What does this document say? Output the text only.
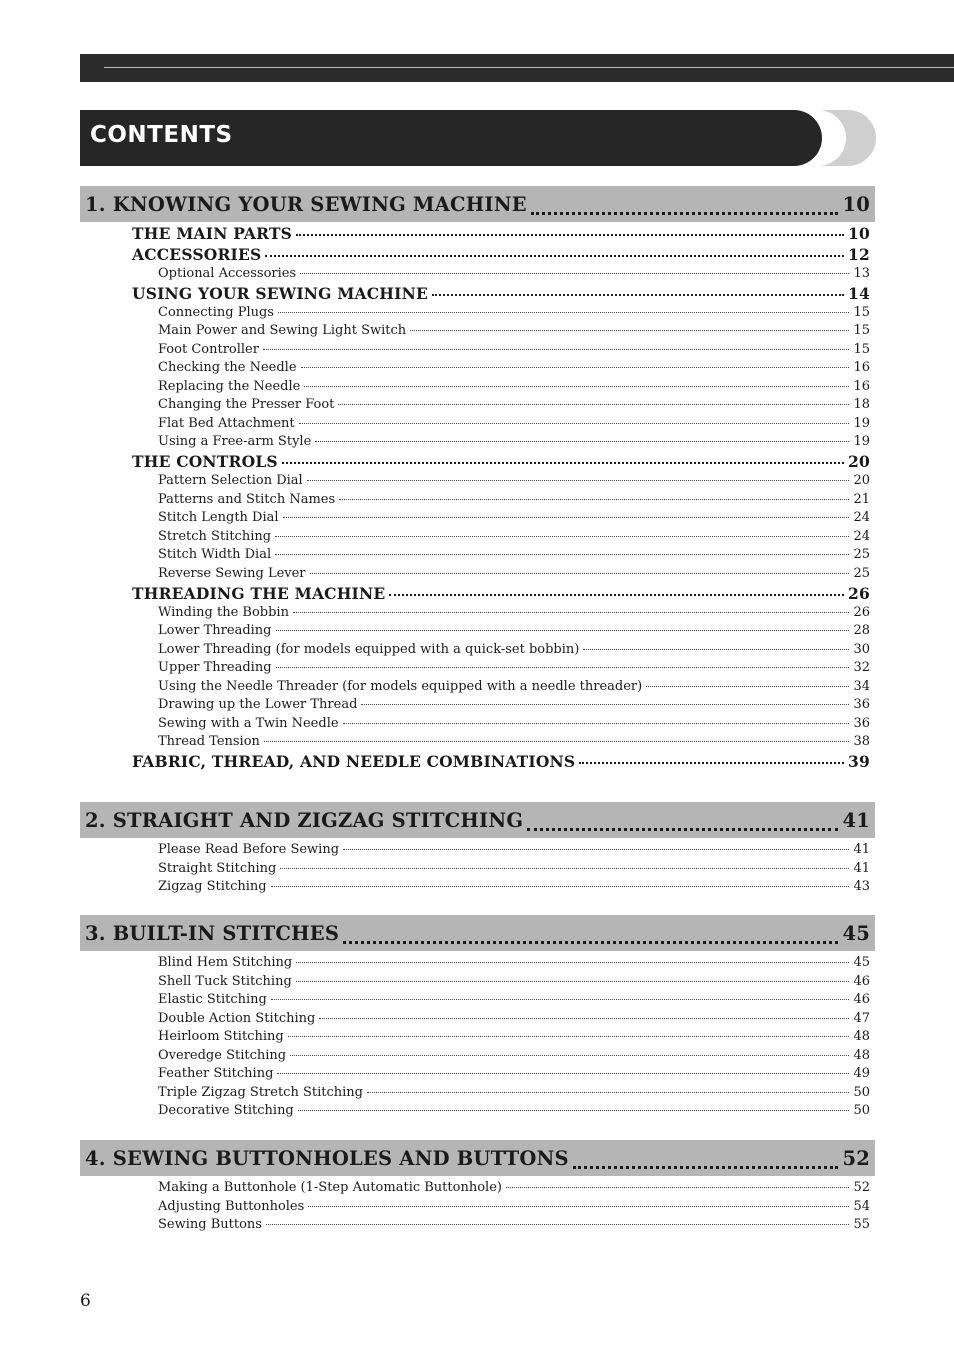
CONTENTS
1. KNOWING YOUR SEWING MACHINE	10
THE MAIN PARTS	10
ACCESSORIES	12
Optional Accessories	13
USING YOUR SEWING MACHINE	14
Connecting Plugs	15
Main Power and Sewing Light Switch	15
Foot Controller	15
Checking the Needle	16
Replacing the Needle	16
Changing the Presser Foot	18
Flat Bed Attachment	19
Using a Free-arm Style	19
THE CONTROLS	20
Pattern Selection Dial	20
Patterns and Stitch Names	21
Stitch Length Dial	24
Stretch Stitching	24
Stitch Width Dial	25
Reverse Sewing Lever	25
THREADING THE MACHINE	26
Winding the Bobbin	26
Lower Threading	28
Lower Threading (for models equipped with a quick-set bobbin)	30
Upper Threading	32
Using the Needle Threader (for models equipped with a needle threader)	34
Drawing up the Lower Thread	36
Sewing with a Twin Needle	36
Thread Tension	38
FABRIC, THREAD, AND NEEDLE COMBINATIONS	39
2. STRAIGHT AND ZIGZAG STITCHING	41
Please Read Before Sewing	41
Straight Stitching	41
Zigzag Stitching	43
3. BUILT-IN STITCHES	45
Blind Hem Stitching	45
Shell Tuck Stitching	46
Elastic Stitching	46
Double Action Stitching	47
Heirloom Stitching	48
Overedge Stitching	48
Feather Stitching	49
Triple Zigzag Stretch Stitching	50
Decorative Stitching	50
4. SEWING BUTTONHOLES AND BUTTONS	52
Making a Buttonhole (1-Step Automatic Buttonhole)	52
Adjusting Buttonholes	54
Sewing Buttons	55
6
